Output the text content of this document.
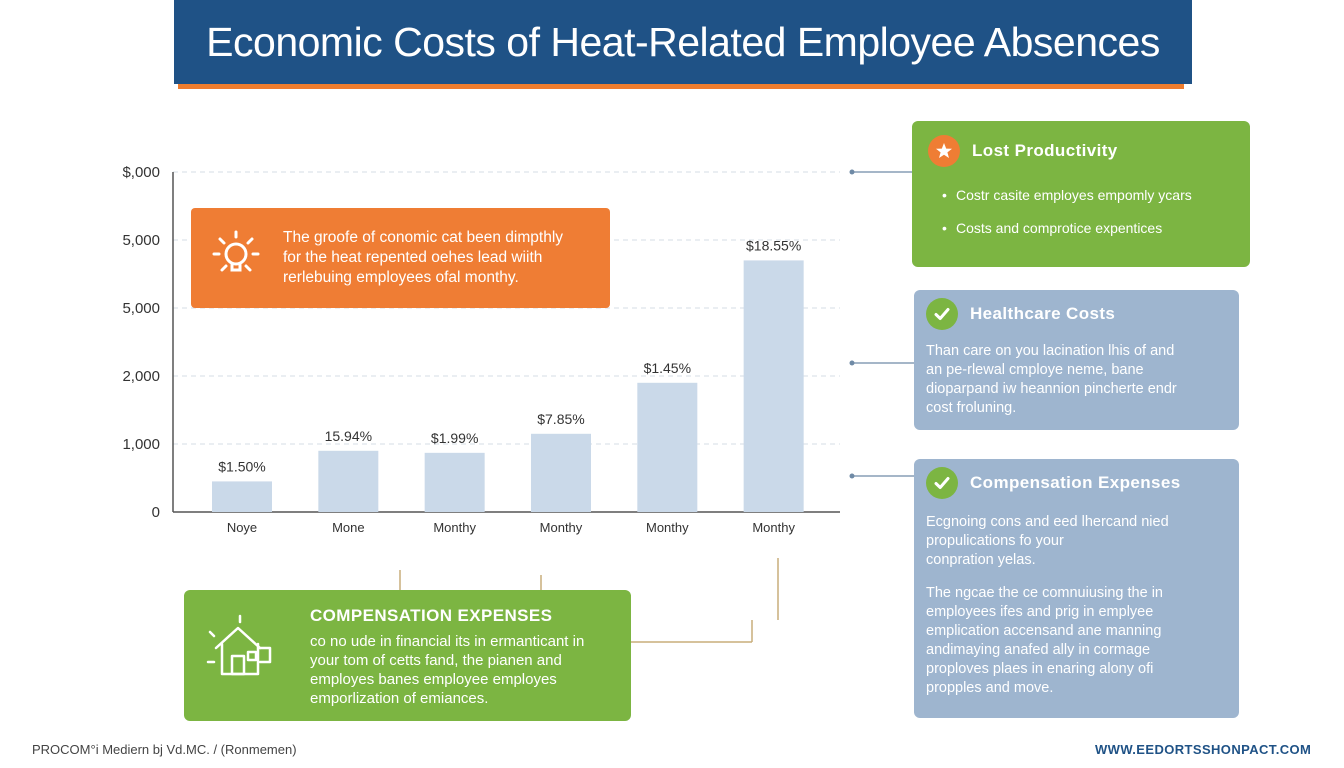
Economic Costs of Heat-Related Employee Absences
0
1,000
2,000
5,000
5,000
$,000
$1.50%
Noye
15.94%
Mone
$1.99%
Monthy
$7.85%
Monthy
$1.45%
Monthy
$18.55%
Monthy

The groofe of conomic cat been dimpthly
for the heat repented oehes lead wiith
rerlebuing employees ofal monthy.

Lost Productivity
• Costr casite employes empomly ycars
• Costs and comprotice expentices
Healthcare Costs

Than care on you lacination lhis of and
an pe-rlewal cmploye neme, bane
dioparpand iw heannion pincherte endr
cost froluning.

Compensation Expenses

Ecgnoing cons and eed lhercand nied
propulications fo your
conpration yelas.

The ngcae the ce comnuiusing the in
employees ifes and prig in emplyee
emplication accensand ane manning
andimaying anafed ally in cormage
proploves plaes in enaring alony ofi
propples and move.

COMPENSATION EXPENSES

co no ude in financial its in ermanticant in
your tom of cetts fand, the pianen and
employes banes employee employes
emporlization of emiances.

PROCOM°i Mediern bj Vd.MC. / (Ronmemen)	WWW.EEDORTSSHONPACT.COM
